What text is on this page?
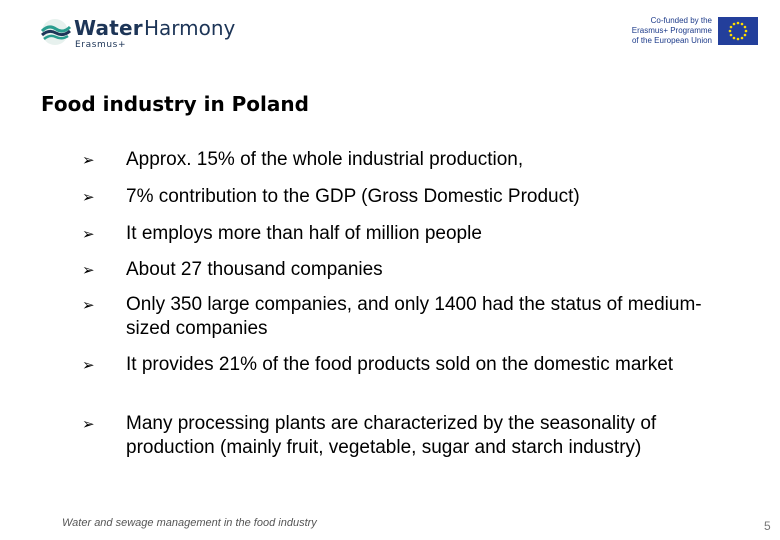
Water Harmony
Erasmus+
Co-funded by the
Erasmus+ Programme
of the European Union
Food industry in Poland
➢ Approx. 15% of the whole industrial production,
➢ 7% contribution to the GDP (Gross Domestic Product)
➢ It employs more than half of million people
➢ About 27 thousand companies
➢ Only 350 large companies, and only 1400 had the status of medium-sized companies
➢ It provides 21% of the food products sold on the domestic market
➢ Many processing plants are characterized by the seasonality of production (mainly fruit, vegetable, sugar and starch industry)
Water and sewage management in the food industry	5
